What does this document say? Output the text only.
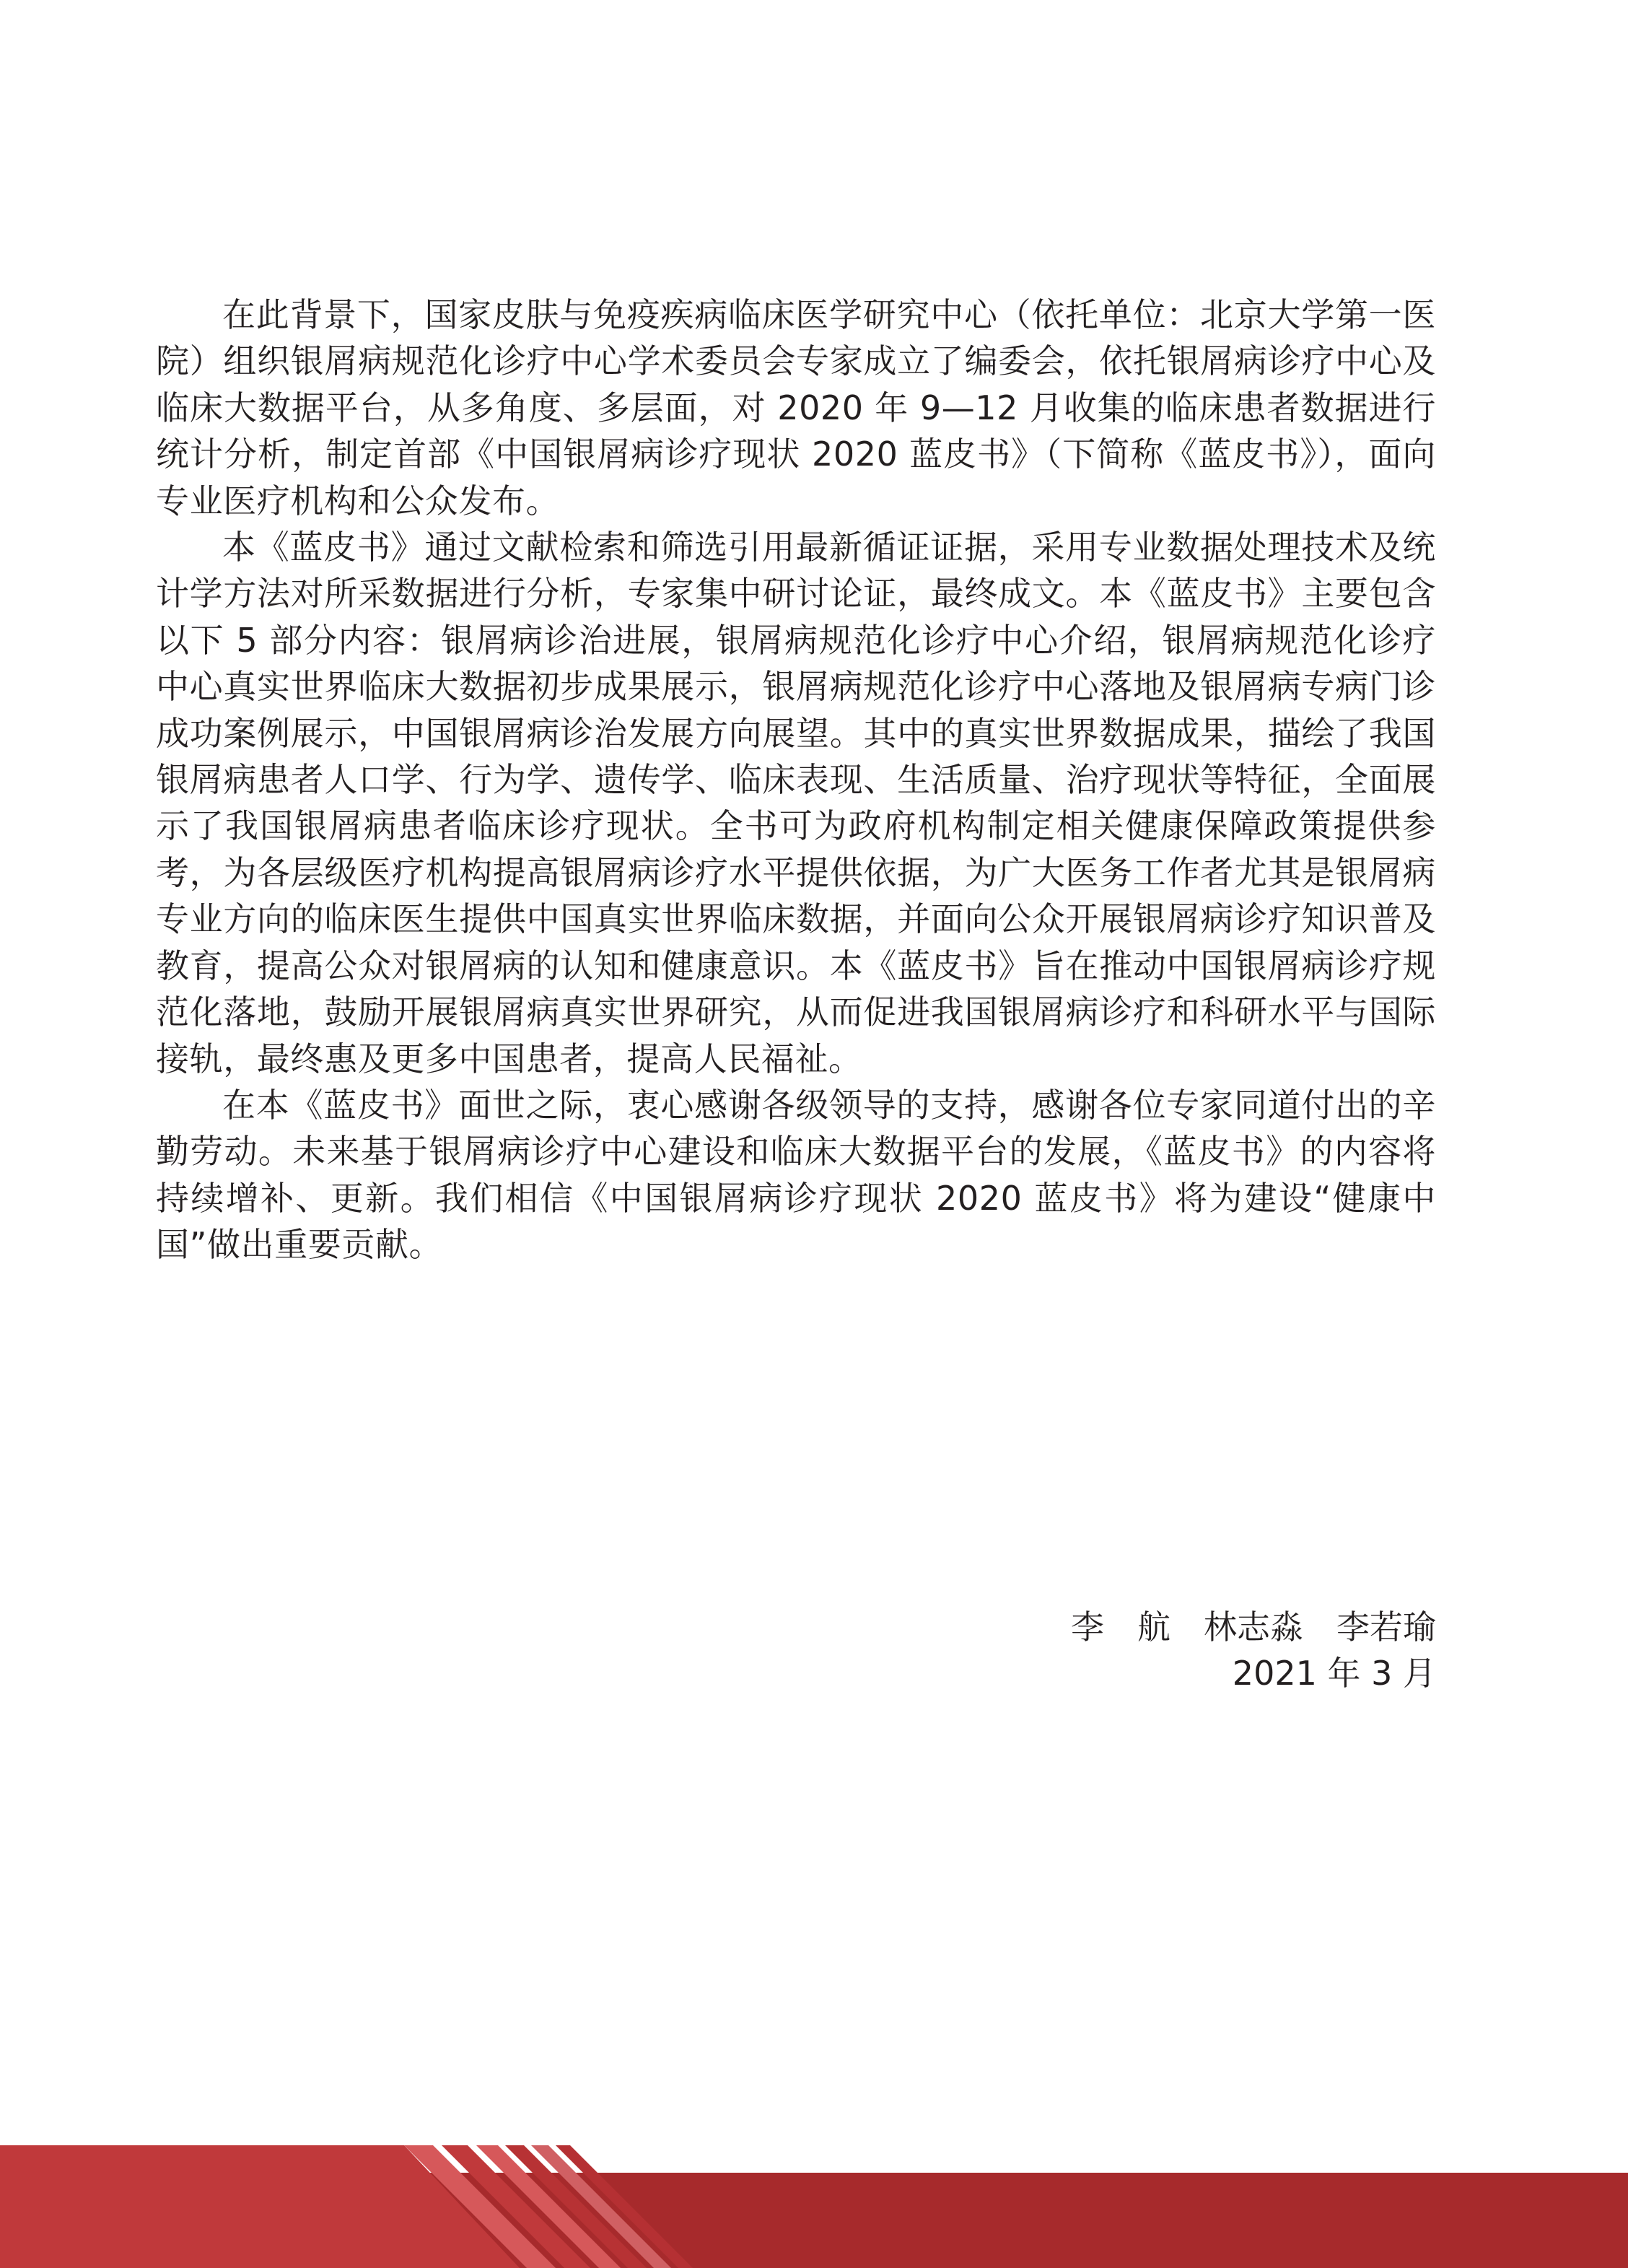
在此背景下，国家皮肤与免疫疾病临床医学研究中心（依托单位：北京大学第一医院）组织银屑病规范化诊疗中心学术委员会专家成立了编委会，依托银屑病诊疗中心及临床大数据平台，从多角度、多层面，对 2020 年 9—12 月收集的临床患者数据进行统计分析，制定首部《中国银屑病诊疗现状 2020 蓝皮书》（下简称《蓝皮书》），面向专业医疗机构和公众发布。

本《蓝皮书》通过文献检索和筛选引用最新循证证据，采用专业数据处理技术及统计学方法对所采数据进行分析，专家集中研讨论证，最终成文。本《蓝皮书》主要包含以下 5 部分内容：银屑病诊治进展，银屑病规范化诊疗中心介绍，银屑病规范化诊疗中心真实世界临床大数据初步成果展示，银屑病规范化诊疗中心落地及银屑病专病门诊成功案例展示，中国银屑病诊治发展方向展望。其中的真实世界数据成果，描绘了我国银屑病患者人口学、行为学、遗传学、临床表现、生活质量、治疗现状等特征，全面展示了我国银屑病患者临床诊疗现状。全书可为政府机构制定相关健康保障政策提供参考，为各层级医疗机构提高银屑病诊疗水平提供依据，为广大医务工作者尤其是银屑病专业方向的临床医生提供中国真实世界临床数据，并面向公众开展银屑病诊疗知识普及教育，提高公众对银屑病的认知和健康意识。本《蓝皮书》旨在推动中国银屑病诊疗规范化落地，鼓励开展银屑病真实世界研究，从而促进我国银屑病诊疗和科研水平与国际接轨，最终惠及更多中国患者，提高人民福祉。

在本《蓝皮书》面世之际，衷心感谢各级领导的支持，感谢各位专家同道付出的辛勤劳动。未来基于银屑病诊疗中心建设和临床大数据平台的发展，《蓝皮书》的内容将持续增补、更新。我们相信《中国银屑病诊疗现状 2020 蓝皮书》将为建设“健康中国”做出重要贡献。

李　航　林志淼　李若瑜
2021 年 3 月
